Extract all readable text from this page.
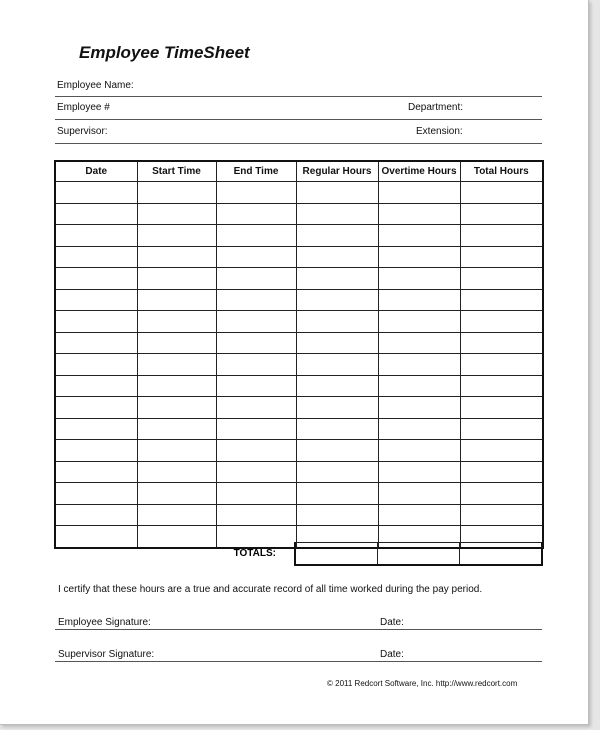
Employee TimeSheet
Employee Name:
Employee #	Department:
Supervisor:	Extension:
Date	Start Time	End Time	Regular Hours	Overtime Hours	Total Hours

TOTALS:			
I certify that these hours are a true and accurate record of all time worked during the pay period.
Employee Signature:	Date:
Supervisor Signature:	Date:
© 2011 Redcort Software, Inc. http://www.redcort.com
